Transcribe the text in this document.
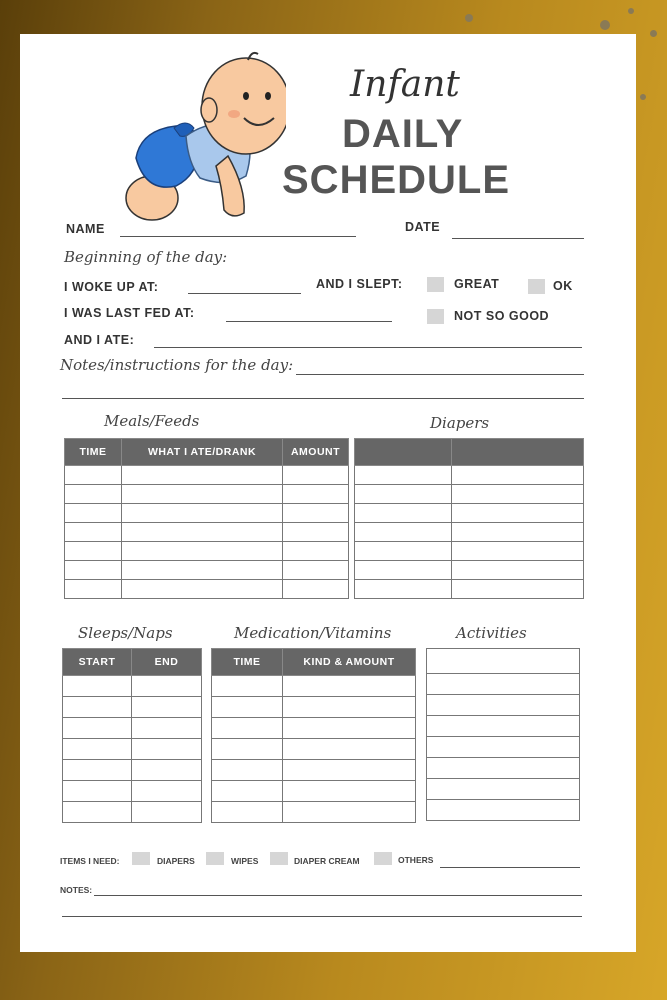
Infant
DAILY
SCHEDULE
NAME	DATE
Beginning of the day:
I WOKE UP AT:	AND I SLEPT:	GREAT	OK
I WAS LAST FED AT:	NOT SO GOOD
AND I ATE:
Notes/instructions for the day:
Meals/Feeds
TIME	WHAT I ATE/DRANK	AMOUNT

Diapers

Sleeps/Naps
START	END

Medication/Vitamins
TIME	KIND & AMOUNT

Activities

ITEMS I NEED:	DIAPERS	WIPES	DIAPER CREAM	OTHERS
NOTES:
